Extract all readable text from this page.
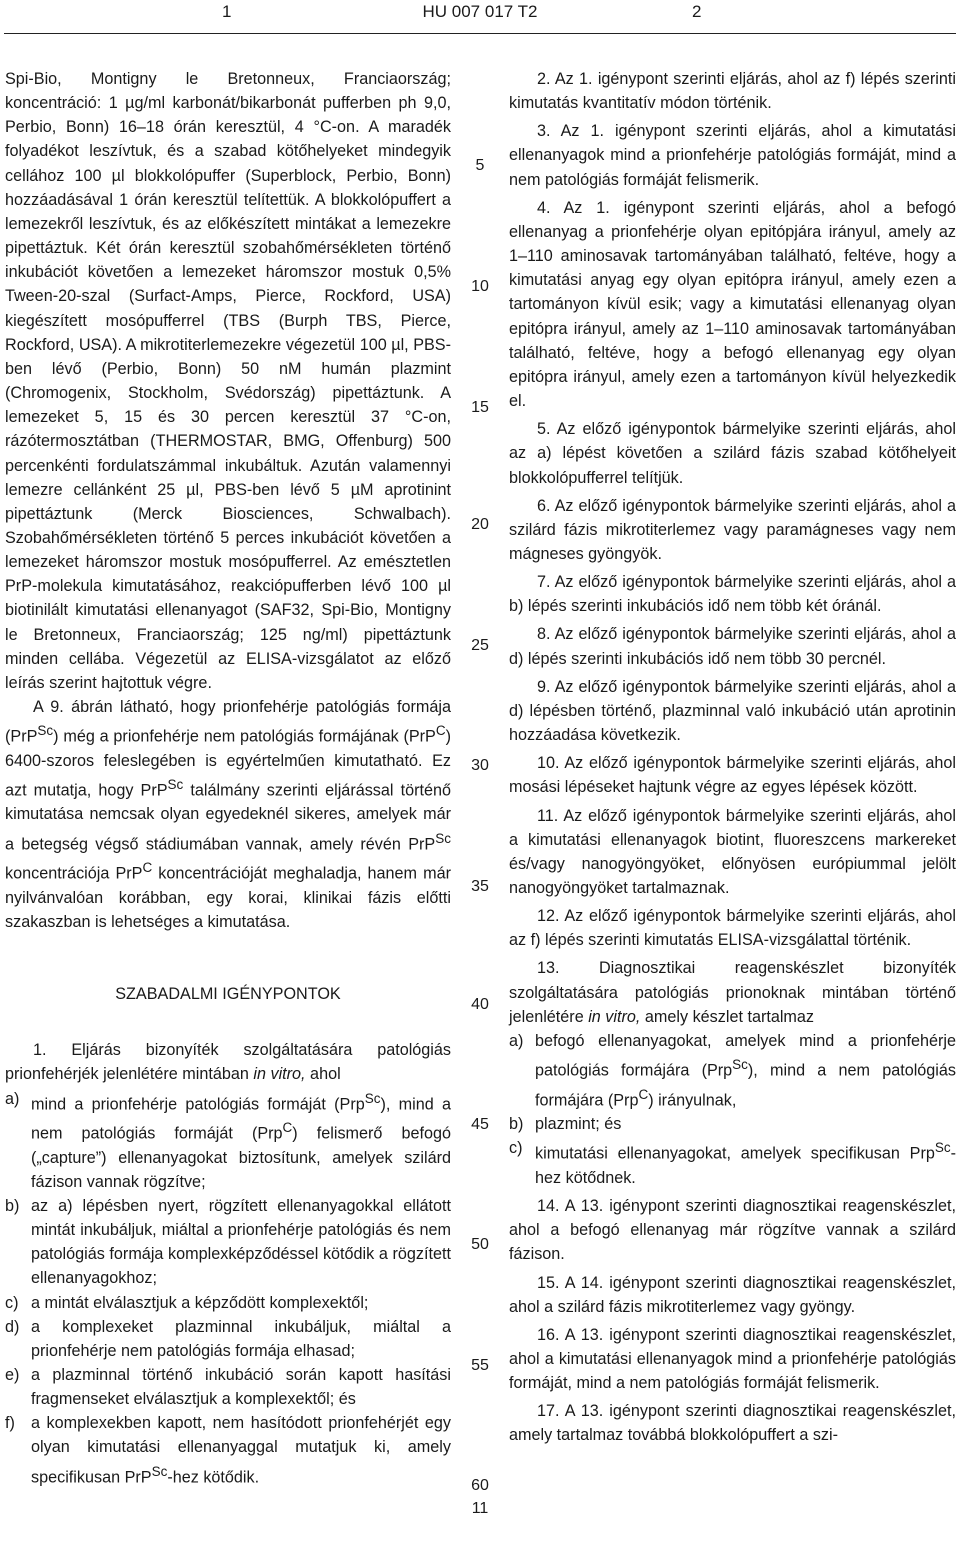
1	HU 007 017 T2	2

Spi-Bio, Montigny le Bretonneux, Franciaország; koncentráció: 1 µg/ml karbonát/bikarbonát pufferben ph 9,0, Perbio, Bonn) 16–18 órán keresztül, 4 °C-on. A maradék folyadékot leszívtuk, és a szabad kötőhelyeket mindegyik cellához 100 µl blokkolópuffer (Superblock, Perbio, Bonn) hozzáadásával 1 órán keresztül telítettük. A blokkolópuffert a lemezekről leszívtuk, és az előkészített mintákat a lemezekre pipettáztuk. Két órán keresztül szobahőmérsékleten történő inkubációt követően a lemezeket háromszor mostuk 0,5% Tween-20-szal (Surfact-Amps, Pierce, Rockford, USA) kiegészített mosópufferrel (TBS (Burph TBS, Pierce, Rockford, USA). A mikrotiterlemezekre végezetül 100 µl, PBS-ben lévő (Perbio, Bonn) 50 nM humán plazmint (Chromogenix, Stockholm, Svédország) pipettáztunk. A lemezeket 5, 15 és 30 percen keresztül 37 °C-on, rázótermosztátban (THERMOSTAR, BMG, Offenburg) 500 percenkénti fordulatszámmal inkubáltuk. Azután valamennyi lemezre cellánként 25 µl, PBS-ben lévő 5 µM aprotinint pipettáztunk (Merck Biosciences, Schwalbach). Szobahőmérsékleten történő 5 perces inkubációt követően a lemezeket háromszor mostuk mosópufferrel. Az emésztetlen PrP-molekula kimutatásához, reakciópufferben lévő 100 µl biotinilált kimutatási ellenanyagot (SAF32, Spi-Bio, Montigny le Bretonneux, Franciaország; 125 ng/ml) pipettáztunk minden cellába. Végezetül az ELISA-vizsgálatot az előző leírás szerint hajtottuk végre.

A 9. ábrán látható, hogy prionfehérje patológiás formája (PrP$^{Sc}$) még a prionfehérje nem patológiás formájának (PrP$^C$) 6400-szoros feleslegében is egyértelműen kimutatható. Ez azt mutatja, hogy PrP$^{Sc}$ találmány szerinti eljárással történő kimutatása nemcsak olyan egyedeknél sikeres, amelyek már a betegség végső stádiumában vannak, amely révén PrP$^{Sc}$ koncentrációja PrP$^C$ koncentrációját meghaladja, hanem már nyilvánvalóan korábban, egy korai, klinikai fázis előtti szakaszban is lehetséges a kimutatása.

SZABADALMI IGÉNYPONTOK

1. Eljárás bizonyíték szolgáltatására patológiás prionfehérjék jelenlétére mintában in vitro, ahol

a) mind a prionfehérje patológiás formáját (Prp$^{Sc}$), mind a nem patológiás formáját (Prp$^C$) felismerő befogó („capture”) ellenanyagokat biztosítunk, amelyek szilárd fázison vannak rögzítve;
b) az a) lépésben nyert, rögzített ellenanyagokkal ellátott mintát inkubáljuk, miáltal a prionfehérje patológiás és nem patológiás formája komplexképződéssel kötődik a rögzített ellenanyagokhoz;
c) a mintát elválasztjuk a képződött komplexektől;
d) a komplexeket plazminnal inkubáljuk, miáltal a prionfehérje nem patológiás formája elhasad;
e) a plazminnal történő inkubáció során kapott hasítási fragmenseket elválasztjuk a komplexektől; és
f) a komplexekben kapott, nem hasítódott prionfehérjét egy olyan kimutatási ellenanyaggal mutatjuk ki, amely specifikusan PrP$^{Sc}$-hez kötődik.
5
10
15
20
25
30
35
40
45
50
55
60

2. Az 1. igénypont szerinti eljárás, ahol az f) lépés szerinti kimutatás kvantitatív módon történik.

3. Az 1. igénypont szerinti eljárás, ahol a kimutatási ellenanyagok mind a prionfehérje patológiás formáját, mind a nem patológiás formáját felismerik.

4. Az 1. igénypont szerinti eljárás, ahol a befogó ellenanyag a prionfehérje olyan epitópjára irányul, amely az 1–110 aminosavak tartományában található, feltéve, hogy a kimutatási anyag egy olyan epitópra irányul, amely ezen a tartományon kívül esik; vagy a kimutatási ellenanyag olyan epitópra irányul, amely az 1–110 aminosavak tartományában található, feltéve, hogy a befogó ellenanyag egy olyan epitópra irányul, amely ezen a tartományon kívül helyezkedik el.

5. Az előző igénypontok bármelyike szerinti eljárás, ahol az a) lépést követően a szilárd fázis szabad kötőhelyeit blokkolópufferrel telítjük.

6. Az előző igénypontok bármelyike szerinti eljárás, ahol a szilárd fázis mikrotiterlemez vagy paramágneses vagy nem mágneses gyöngyök.

7. Az előző igénypontok bármelyike szerinti eljárás, ahol a b) lépés szerinti inkubációs idő nem több két óránál.

8. Az előző igénypontok bármelyike szerinti eljárás, ahol a d) lépés szerinti inkubációs idő nem több 30 percnél.

9. Az előző igénypontok bármelyike szerinti eljárás, ahol a d) lépésben történő, plazminnal való inkubáció után aprotinin hozzáadása következik.

10. Az előző igénypontok bármelyike szerinti eljárás, ahol mosási lépéseket hajtunk végre az egyes lépések között.

11. Az előző igénypontok bármelyike szerinti eljárás, ahol a kimutatási ellenanyagok biotint, fluoreszcens markereket és/vagy nanogyöngyöket, előnyösen európiummal jelölt nanogyöngyöket tartalmaznak.

12. Az előző igénypontok bármelyike szerinti eljárás, ahol az f) lépés szerinti kimutatás ELISA-vizsgálattal történik.

13. Diagnosztikai reagenskészlet bizonyíték szolgáltatására patológiás prionoknak mintában történő jelenlétére in vitro, amely készlet tartalmaz

a) befogó ellenanyagokat, amelyek mind a prionfehérje patológiás formájára (Prp$^{Sc}$), mind a nem patológiás formájára (Prp$^C$) irányulnak,
b) plazmint; és
c) kimutatási ellenanyagokat, amelyek specifikusan Prp$^{Sc}$-hez kötődnek.

14. A 13. igénypont szerinti diagnosztikai reagenskészlet, ahol a befogó ellenanyag már rögzítve vannak a szilárd fázison.

15. A 14. igénypont szerinti diagnosztikai reagenskészlet, ahol a szilárd fázis mikrotiterlemez vagy gyöngy.

16. A 13. igénypont szerinti diagnosztikai reagenskészlet, ahol a kimutatási ellenanyagok mind a prionfehérje patológiás formáját, mind a nem patológiás formáját felismerik.

17. A 13. igénypont szerinti diagnosztikai reagenskészlet, amely tartalmaz továbbá blokkolópuffert a szi-

11
